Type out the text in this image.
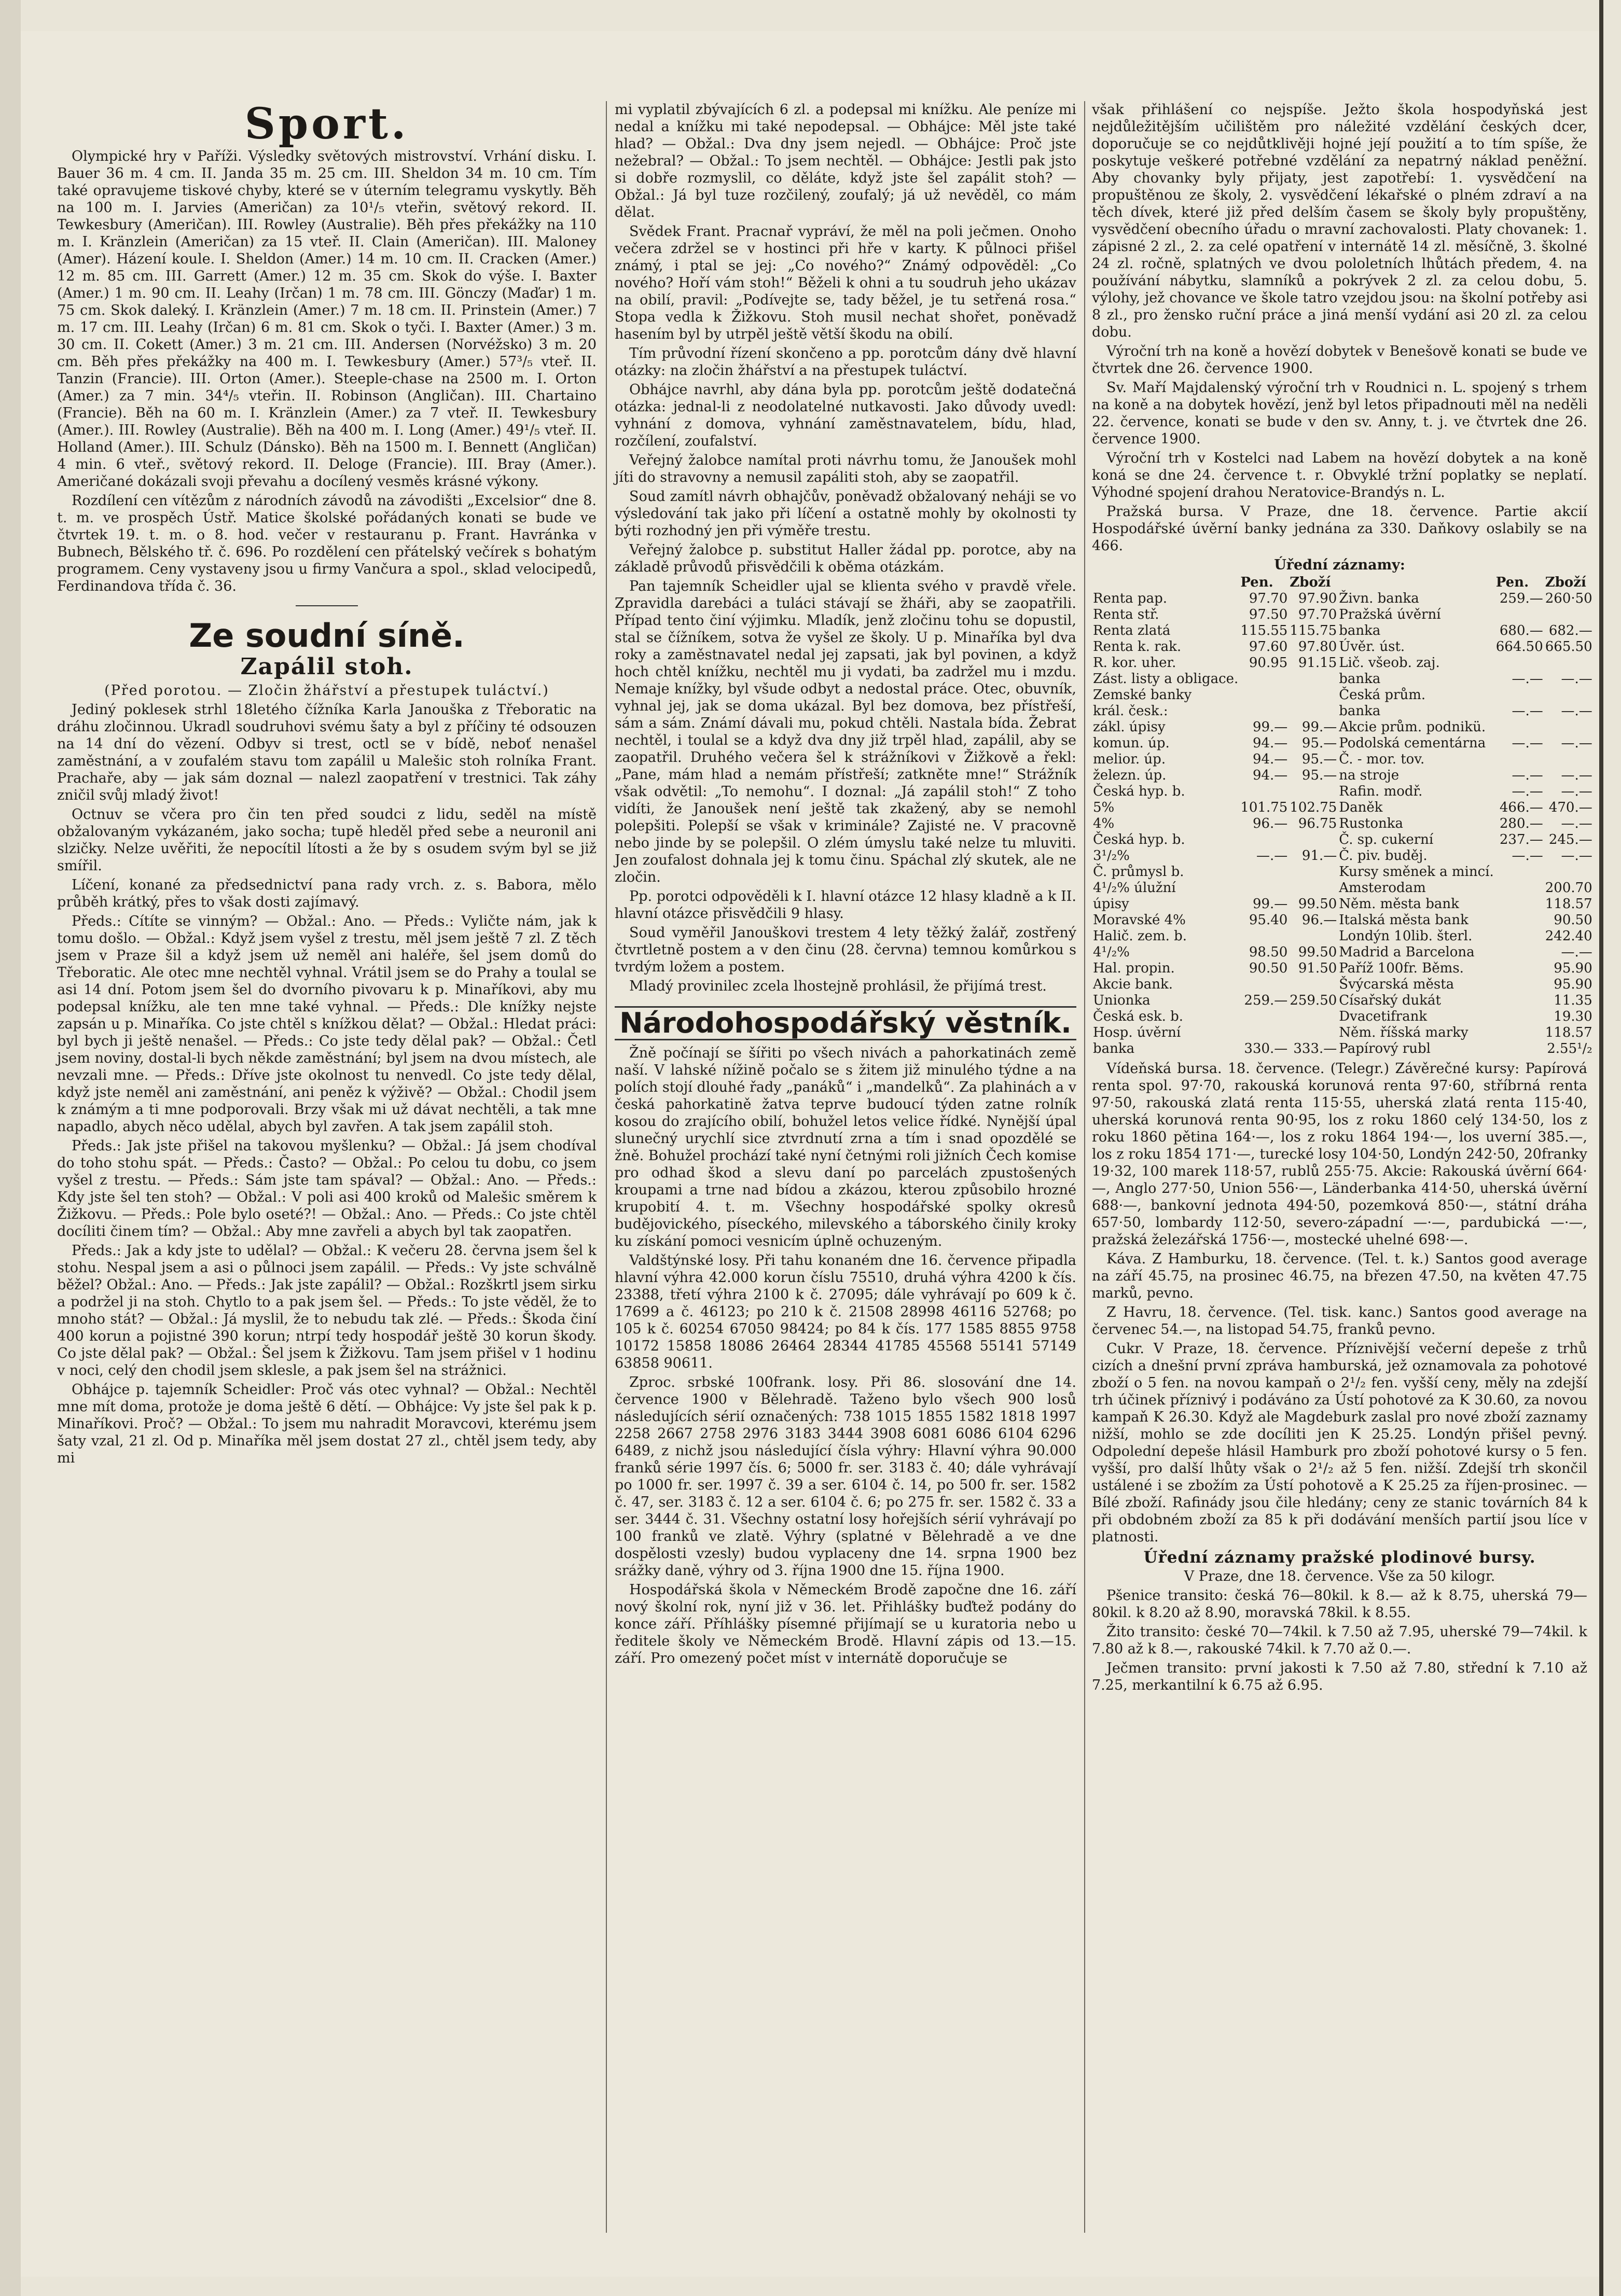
Sport.

Olympické hry v Paříži. Výsledky světových mistrovství. Vrhání disku. I. Bauer 36 m. 4 cm. II. Janda 35 m. 25 cm. III. Sheldon 34 m. 10 cm. Tím také opravujeme tiskové chyby, které se v úterním telegramu vyskytly. Běh na 100 m. I. Jarvies (Američan) za 10¹/₅ vteřin, světový rekord. II. Tewkesbury (Američan). III. Rowley (Australie). Běh přes překážky na 110 m. I. Kränzlein (Američan) za 15 vteř. II. Clain (Američan). III. Maloney (Amer). Házení koule. I. Sheldon (Amer.) 14 m. 10 cm. II. Cracken (Amer.) 12 m. 85 cm. III. Garrett (Amer.) 12 m. 35 cm. Skok do výše. I. Baxter (Amer.) 1 m. 90 cm. II. Leahy (Irčan) 1 m. 78 cm. III. Gönczy (Maďar) 1 m. 75 cm. Skok daleký. I. Kränzlein (Amer.) 7 m. 18 cm. II. Prinstein (Amer.) 7 m. 17 cm. III. Leahy (Irčan) 6 m. 81 cm. Skok o tyči. I. Baxter (Amer.) 3 m. 30 cm. II. Cokett (Amer.) 3 m. 21 cm. III. Andersen (Norvéžsko) 3 m. 20 cm. Běh přes překážky na 400 m. I. Tewkesbury (Amer.) 57³/₅ vteř. II. Tanzin (Francie). III. Orton (Amer.). Steeple-chase na 2500 m. I. Orton (Amer.) za 7 min. 34⁴/₅ vteřin. II. Robinson (Angličan). III. Chartaino (Francie). Běh na 60 m. I. Kränzlein (Amer.) za 7 vteř. II. Tewkesbury (Amer.). III. Rowley (Australie). Běh na 400 m. I. Long (Amer.) 49¹/₅ vteř. II. Holland (Amer.). III. Schulz (Dánsko). Běh na 1500 m. I. Bennett (Angličan) 4 min. 6 vteř., světový rekord. II. Deloge (Francie). III. Bray (Amer.). Američané dokázali svoji převahu a docílený vesměs krásné výkony.

Rozdílení cen vítězům z národních závodů na závodišti „Excelsior“ dne 8. t. m. ve prospěch Ústř. Matice školské pořádaných konati se bude ve čtvrtek 19. t. m. o 8. hod. večer v restauranu p. Frant. Havránka v Bubnech, Bělského tř. č. 696. Po rozdělení cen přátelský večírek s bohatým programem. Ceny vystaveny jsou u firmy Vančura a spol., sklad velocipedů, Ferdinandova třída č. 36.

Ze soudní síně.
Zapálil stoh.

(Před porotou. — Zločin žhářství a přestupek tuláctví.)

Jediný poklesek strhl 18letého čížníka Karla Janouška z Třeboratic na dráhu zločinnou. Ukradl soudruhovi svému šaty a byl z příčiny té odsouzen na 14 dní do vězení. Odbyv si trest, octl se v bídě, neboť nenašel zaměstnání, a v zoufalém stavu tom zapálil u Malešic stoh rolníka Frant. Prachaře, aby — jak sám doznal — nalezl zaopatření v trestnici. Tak záhy zničil svůj mladý život!

Octnuv se včera pro čin ten před soudci z lidu, seděl na místě obžalovaným vykázaném, jako socha; tupě hleděl před sebe a neuronil ani slzičky. Nelze uvěřiti, že nepocítil lítosti a že by s osudem svým byl se již smířil.

Líčení, konané za předsednictví pana rady vrch. z. s. Babora, mělo průběh krátký, přes to však dosti zajímavý.

Předs.: Cítíte se vinným? — Obžal.: Ano. — Předs.: Vyličte nám, jak k tomu došlo. — Obžal.: Když jsem vyšel z trestu, měl jsem ještě 7 zl. Z těch jsem v Praze šil a když jsem už neměl ani haléře, šel jsem domů do Třeboratic. Ale otec mne nechtěl vyhnal. Vrátil jsem se do Prahy a toulal se asi 14 dní. Potom jsem šel do dvorního pivovaru k p. Minaříkovi, aby mu podepsal knížku, ale ten mne také vyhnal. — Předs.: Dle knížky nejste zapsán u p. Minaříka. Co jste chtěl s knížkou dělat? — Obžal.: Hledat práci: byl bych ji ještě nenašel. — Předs.: Co jste tedy dělal pak? — Obžal.: Četl jsem noviny, dostal-li bych někde zaměstnání; byl jsem na dvou místech, ale nevzali mne. — Předs.: Dříve jste okolnost tu nenvedl. Co jste tedy dělal, když jste neměl ani zaměstnání, ani peněz k výživě? — Obžal.: Chodil jsem k známým a ti mne podporovali. Brzy však mi už dávat nechtěli, a tak mne napadlo, abych něco udělal, abych byl zavřen. A tak jsem zapálil stoh.

Předs.: Jak jste přišel na takovou myšlenku? — Obžal.: Já jsem chodíval do toho stohu spát. — Předs.: Často? — Obžal.: Po celou tu dobu, co jsem vyšel z trestu. — Předs.: Sám jste tam spával? — Obžal.: Ano. — Předs.: Kdy jste šel ten stoh? — Obžal.: V poli asi 400 kroků od Malešic směrem k Žižkovu. — Předs.: Pole bylo oseté?! — Obžal.: Ano. — Předs.: Co jste chtěl docíliti činem tím? — Obžal.: Aby mne zavřeli a abych byl tak zaopatřen.

Předs.: Jak a kdy jste to udělal? — Obžal.: K večeru 28. června jsem šel k stohu. Nespal jsem a asi o půlnoci jsem zapálil. — Předs.: Vy jste schválně běžel? Obžal.: Ano. — Předs.: Jak jste zapálil? — Obžal.: Rozškrtl jsem sirku a podržel ji na stoh. Chytlo to a pak jsem šel. — Předs.: To jste věděl, že to mnoho stát? — Obžal.: Já myslil, že to nebudu tak zlé. — Předs.: Škoda činí 400 korun a pojistné 390 korun; ntrpí tedy hospodář ještě 30 korun škody. Co jste dělal pak? — Obžal.: Šel jsem k Žižkovu. Tam jsem přišel v 1 hodinu v noci, celý den chodil jsem sklesle, a pak jsem šel na strážnici.

Obhájce p. tajemník Scheidler: Proč vás otec vyhnal? — Obžal.: Nechtěl mne mít doma, protože je doma ještě 6 dětí. — Obhájce: Vy jste šel pak k p. Minaříkovi. Proč? — Obžal.: To jsem mu nahradit Moravcovi, kterému jsem šaty vzal, 21 zl. Od p. Minaříka měl jsem dostat 27 zl., chtěl jsem tedy, aby mi

mi vyplatil zbývajících 6 zl. a podepsal mi knížku. Ale peníze mi nedal a knížku mi také nepodepsal. — Obhájce: Měl jste také hlad? — Obžal.: Dva dny jsem nejedl. — Obhájce: Proč jste nežebral? — Obžal.: To jsem nechtěl. — Obhájce: Jestli pak jsto si dobře rozmyslil, co děláte, když jste šel zapálit stoh? — Obžal.: Já byl tuze rozčilený, zoufalý; já už nevěděl, co mám dělat.

Svědek Frant. Pracnař vypráví, že měl na poli ječmen. Onoho večera zdržel se v hostinci při hře v karty. K půlnoci přišel známý, i ptal se jej: „Co nového?“ Známý odpověděl: „Co nového? Hoří vám stoh!“ Běželi k ohni a tu soudruh jeho ukázav na obilí, pravil: „Podívejte se, tady běžel, je tu setřená rosa.“ Stopa vedla k Žižkovu. Stoh musil nechat shořet, poněvadž hasením byl by utrpěl ještě větší škodu na obilí.

Tím průvodní řízení skončeno a pp. porotcům dány dvě hlavní otázky: na zločin žhářství a na přestupek tuláctví.

Obhájce navrhl, aby dána byla pp. porotcům ještě dodatečná otázka: jednal-li z neodolatelné nutkavosti. Jako důvody uvedl: vyhnání z domova, vyhnání zaměstnavatelem, bídu, hlad, rozčílení, zoufalství.

Veřejný žalobce namítal proti návrhu tomu, že Janoušek mohl jíti do stravovny a nemusil zapáliti stoh, aby se zaopatřil.

Soud zamítl návrh obhajčův, poněvadž obžalovaný neháji se vo výsledování tak jako při líčení a ostatně mohly by okolnosti ty býti rozhodný jen při výměře trestu.

Veřejný žalobce p. substitut Haller žádal pp. porotce, aby na základě průvodů přisvědčili k oběma otázkám.

Pan tajemník Scheidler ujal se klienta svého v pravdě vřele. Zpravidla darebáci a tuláci stávají se žháři, aby se zaopatřili. Případ tento činí výjimku. Mladík, jenž zločinu tohu se dopustil, stal se čížníkem, sotva že vyšel ze školy. U p. Minaříka byl dva roky a zaměstnavatel nedal jej zapsati, jak byl povinen, a když hoch chtěl knížku, nechtěl mu ji vydati, ba zadržel mu i mzdu. Nemaje knížky, byl všude odbyt a nedostal práce. Otec, obuvník, vyhnal jej, jak se doma ukázal. Byl bez domova, bez přístřeší, sám a sám. Známí dávali mu, pokud chtěli. Nastala bída. Žebrat nechtěl, i toulal se a když dva dny již trpěl hlad, zapálil, aby se zaopatřil. Druhého večera šel k strážníkovi v Žižkově a řekl: „Pane, mám hlad a nemám přístřeší; zatkněte mne!“ Strážník však odvětil: „To nemohu“. I doznal: „Já zapálil stoh!“ Z toho vidíti, že Janoušek není ještě tak zkažený, aby se nemohl polepšiti. Polepší se však v kriminále? Zajisté ne. V pracovně nebo jinde by se polepšil. O zlém úmyslu také nelze tu mluviti. Jen zoufalost dohnala jej k tomu činu. Spáchal zlý skutek, ale ne zločin.

Pp. porotci odpověděli k I. hlavní otázce 12 hlasy kladně a k II. hlavní otázce přisvědčili 9 hlasy.

Soud vyměřil Janouškovi trestem 4 lety těžký žalář, zostřený čtvrtletně postem a v den činu (28. června) temnou komůrkou s tvrdým ložem a postem.

Mladý provinilec zcela lhostejně prohlásil, že přijímá trest.

Národohospodářský věstník.

Žně počínají se šířiti po všech nivách a pahorkatinách země naší. V lahské nížině počalo se s žitem již minulého týdne a na polích stojí dlouhé řady „panáků“ i „mandelků“. Za plahinách a v česká pahorkatině žatva teprve budoucí týden zatne rolník kosou do zrajícího obilí, bohužel letos velice řídké. Nynější úpal slunečný urychlí sice ztvrdnutí zrna a tím i snad opozdělé se žně. Bohužel prochází také nyní četnými roli jižních Čech komise pro odhad škod a slevu daní po parcelách zpustošených kroupami a trne nad bídou a zkázou, kterou způsobilo hrozné krupobití 4. t. m. Všechny hospodářské spolky okresů budějovického, píseckého, milevského a táborského činily kroky ku získání pomoci vesnicím úplně ochuzeným.

Valdštýnské losy. Při tahu konaném dne 16. července připadla hlavní výhra 42.000 korun číslu 75510, druhá výhra 4200 k čís. 23388, třetí výhra 2100 k č. 27095; dále vyhrávají po 609 k č. 17699 a č. 46123; po 210 k č. 21508 28998 46116 52768; po 105 k č. 60254 67050 98424; po 84 k čís. 177 1585 8855 9758 10172 15858 18086 26464 28344 41785 45568 55141 57149 63858 90611.

Zproc. srbské 100frank. losy. Při 86. slosování dne 14. července 1900 v Bělehradě. Taženo bylo všech 900 losů následujících sérií označených: 738 1015 1855 1582 1818 1997 2258 2667 2758 2976 3183 3444 3908 6081 6086 6104 6296 6489, z nichž jsou následující čísla výhry: Hlavní výhra 90.000 franků série 1997 čís. 6; 5000 fr. ser. 3183 č. 40; dále vyhrávají po 1000 fr. ser. 1997 č. 39 a ser. 6104 č. 14, po 500 fr. ser. 1582 č. 47, ser. 3183 č. 12 a ser. 6104 č. 6; po 275 fr. ser. 1582 č. 33 a ser. 3444 č. 31. Všechny ostatní losy hořejších sérií vyhrávají po 100 franků ve zlatě. Výhry (splatné v Bělehradě a ve dne dospělosti vzesly) budou vyplaceny dne 14. srpna 1900 bez srážky daně, výhry od 3. října 1900 dne 15. října 1900.

Hospodářská škola v Německém Brodě započne dne 16. září nový školní rok, nyní již v 36. let. Přihlášky buďtež podány do konce září. Příhlášky písemné přijímají se u kuratoria nebo u ředitele školy ve Německém Brodě. Hlavní zápis od 13.—15. září. Pro omezený počet míst v internátě doporučuje se

však přihlášení co nejspíše. Ježto škola hospodyňská jest nejdůležitějším učilištěm pro náležité vzdělání českých dcer, doporučuje se co nejdůtklivěji hojné její použití a to tím spíše, že poskytuje veškeré potřebné vzdělání za nepatrný náklad peněžní. Aby chovanky byly přijaty, jest zapotřebí: 1. vysvědčení na propuštěnou ze školy, 2. vysvědčení lékařské o plném zdraví a na těch dívek, které již před delším časem se školy byly propuštěny, vysvědčení obecního úřadu o mravní zachovalosti. Platy chovanek: 1. zápisné 2 zl., 2. za celé opatření v internátě 14 zl. měsíčně, 3. školné 24 zl. ročně, splatných ve dvou pololetních lhůtách předem, 4. na používání nábytku, slamníků a pokrývek 2 zl. za celou dobu, 5. výlohy, jež chovance ve škole tatro vzejdou jsou: na školní potřeby asi 8 zl., pro žensko ruční práce a jiná menší vydání asi 20 zl. za celou dobu.

Výroční trh na koně a hovězí dobytek v Benešově konati se bude ve čtvrtek dne 26. července 1900.

Sv. Maří Majdalenský výroční trh v Roudnici n. L. spojený s trhem na koně a na dobytek hovězí, jenž byl letos připadnouti měl na neděli 22. července, konati se bude v den sv. Anny, t. j. ve čtvrtek dne 26. července 1900.

Výroční trh v Kostelci nad Labem na hovězí dobytek a na koně koná se dne 24. července t. r. Obvyklé tržní poplatky se neplatí. Výhodné spojení drahou Neratovice-Brandýs n. L.

Pražská bursa. V Praze, dne 18. července. Partie akcií Hospodářské úvěrní banky jednána za 330. Daňkovy oslabily se na 466.

Úřední záznamy:
	Pen.	Zboží		Pen.	Zboží
Renta pap.	97.70	97.90	Živn. banka	259.—	260·50
Renta stř.	97.50	97.70	Pražská úvěrní		
Renta zlatá	115.55	115.75	banka	680.—	682.—
Renta k. rak.	97.60	97.80	Úvěr. úst.	664.50	665.50
R. kor. uher.	90.95	91.15	Lič. všeob. zaj.		
Zást. listy a obligace.			banka	—.—	—.—
Zemské banky			Česká prům.		
král. česk.:			banka	—.—	—.—
zákl. úpisy	99.—	99.—	Akcie prům. podnikü.		
komun. úp.	94.—	95.—	Podolská cementárna	—.—	—.—
melior. úp.	94.—	95.—	Č. - mor. tov.		
železn. úp.	94.—	95.—	na stroje	—.—	—.—
Česká hyp. b.			Rafin. modř.	—.—	—.—
5%	101.75	102.75	Daněk	466.—	470.—
4%	96.—	96.75	Rustonka	280.—	—.—
Česká hyp. b.			Č. sp. cukerní	237.—	245.—
3¹/₂%	—.—	91.—	Č. piv. buděj.	—.—	—.—
Č. průmysl b.			Kursy směnek a mincí.		
4¹/₂% úlužní			Amsterodam		200.70
úpisy	99.—	99.50	Něm. města bank		118.57
Moravské 4%	95.40	96.—	Italská města bank		90.50
Halič. zem. b.			Londýn 10lib. šterl.		242.40
4¹/₂%	98.50	99.50	Madrid a Barcelona		—.—
Hal. propin.	90.50	91.50	Paříž 100fr. Běms.		95.90
Akcie bank.			Švýcarská města		95.90
Unionka	259.—	259.50	Císařský dukát		11.35
Česká esk. b.			Dvacetifrank		19.30
Hosp. úvěrní			Něm. říšská marky		118.57
banka	330.—	333.—	Papírový rubl		2.55¹/₂

Vídeňská bursa. 18. července. (Telegr.) Závěrečné kursy: Papírová renta spol. 97·70, rakouská korunová renta 97·60, stříbrná renta 97·50, rakouská zlatá renta 115·55, uherská zlatá renta 115·40, uherská korunová renta 90·95, los z roku 1860 celý 134·50, los z roku 1860 pětina 164·—, los z roku 1864 194·—, los uverní 385.—, los z roku 1854 171·—, turecké losy 104·50, Londýn 242·50, 20franky 19·32, 100 marek 118·57, rublů 255·75. Akcie: Rakouská úvěrní 664·—, Anglo 277·50, Union 556·—, Länderbanka 414·50, uherská úvěrní 688·—, bankovní jednota 494·50, pozemková 850·—, státní dráha 657·50, lombardy 112·50, severo-západní —·—, pardubická —·—, pražská železářská 1756·—, mostecké uhelné 698·—.

Káva. Z Hamburku, 18. července. (Tel. t. k.) Santos good average na září 45.75, na prosinec 46.75, na březen 47.50, na květen 47.75 marků, pevno.

Z Havru, 18. července. (Tel. tisk. kanc.) Santos good average na červenec 54.—, na listopad 54.75, franků pevno.

Cukr. V Praze, 18. července. Příznivější večerní depeše z trhů cizích a dnešní první zpráva hamburská, jež oznamovala za pohotové zboží o 5 fen. na novou kampaň o 2¹/₂ fen. vyšší ceny, měly na zdejší trh účinek příznivý i podáváno za Ústí pohotové za K 30.60, za novou kampaň K 26.30. Když ale Magdeburk zaslal pro nové zboží zaznamy nižší, mohlo se zde docíliti jen K 25.25. Londýn přišel pevný. Odpolední depeše hlásil Hamburk pro zboží pohotové kursy o 5 fen. vyšší, pro další lhůty však o 2¹/₂ až 5 fen. nižší. Zdejší trh skončil ustálené i se zbožím za Ústí pohotově a K 25.25 za říjen-prosinec. — Bílé zboží. Rafinády jsou čile hledány; ceny ze stanic továrních 84 k při obdobném zboží za 85 k při dodávání menších partií jsou líce v platnosti.

Úřední záznamy pražské plodinové bursy.

V Praze, dne 18. července. Vše za 50 kilogr.

Pšenice transito: česká 76—80kil. k 8.— až k 8.75, uherská 79—80kil. k 8.20 až 8.90, moravská 78kil. k 8.55.

Žito transito: české 70—74kil. k 7.50 až 7.95, uherské 79—74kil. k 7.80 až k 8.—, rakouské 74kil. k 7.70 až 0.—.

Ječmen transito: první jakosti k 7.50 až 7.80, střední k 7.10 až 7.25, merkantilní k 6.75 až 6.95.
